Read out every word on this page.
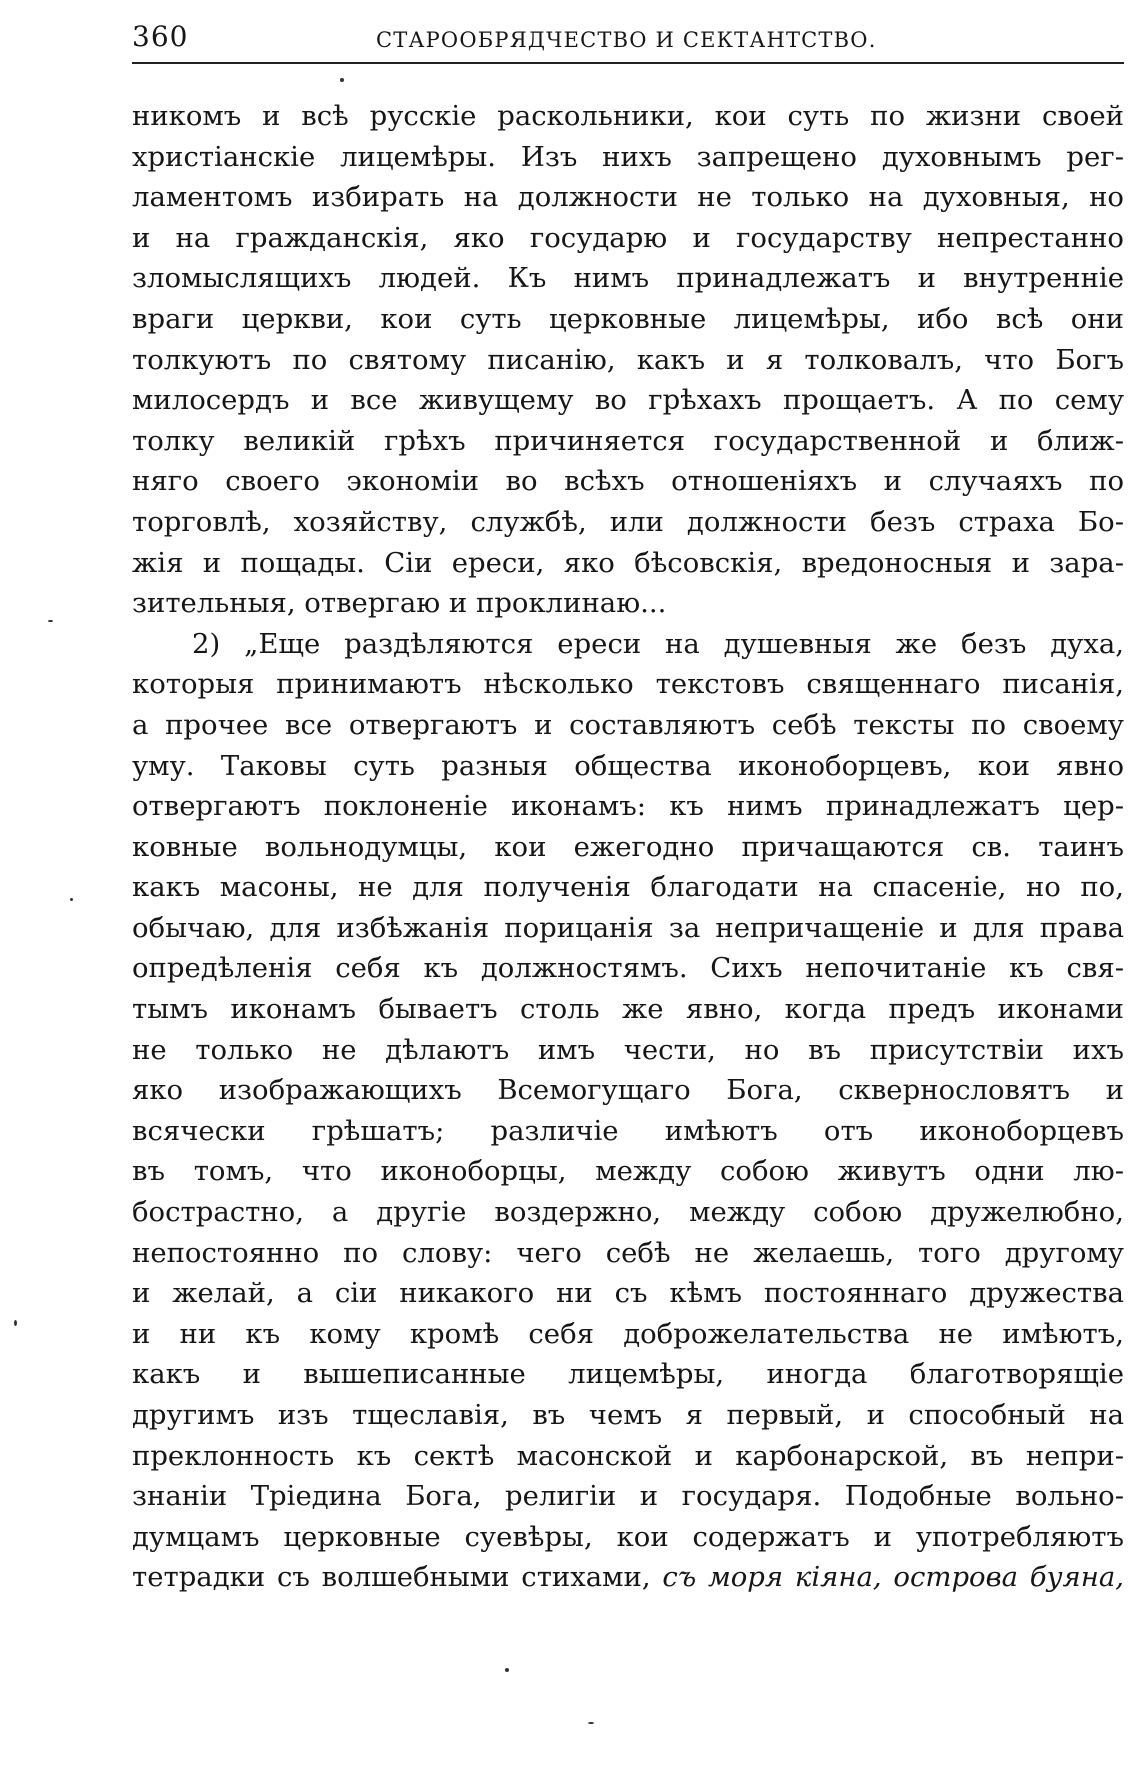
360	СТАРООБРЯДЧЕСТВО И СЕКТАНТСТВО.
никомъ и всѣ русскіе раскольники, кои суть по жизни своей
христіанскіе лицемѣры. Изъ нихъ запрещено духовнымъ рег-
ламентомъ избирать на должности не только на духовныя, но
и на гражданскія, яко государю и государству непрестанно
зломыслящихъ людей. Къ нимъ принадлежатъ и внутренніе
враги церкви, кои суть церковные лицемѣры, ибо всѣ они
толкуютъ по святому писанію, какъ и я толковалъ, что Богъ
милосердъ и все живущему во грѣхахъ прощаетъ. А по сему
толку великій грѣхъ причиняется государственной и ближ-
няго своего экономіи во всѣхъ отношеніяхъ и случаяхъ по
торговлѣ, хозяйству, службѣ, или должности безъ страха Бо-
жія и пощады. Сіи ереси, яко бѣсовскія, вредоносныя и зара-
зительныя, отвергаю и проклинаю...
2) „Еще раздѣляются ереси на душевныя же безъ духа,
которыя принимаютъ нѣсколько текстовъ священнаго писанія,
а прочее все отвергаютъ и составляютъ себѣ тексты по своему
уму. Таковы суть разныя общества иконоборцевъ, кои явно
отвергаютъ поклоненіе иконамъ: къ нимъ принадлежатъ цер-
ковные вольнодумцы, кои ежегодно причащаются св. таинъ
какъ масоны, не для полученія благодати на спасеніе, но по,
обычаю, для избѣжанія порицанія за непричащеніе и для права
опредѣленія себя къ должностямъ. Сихъ непочитаніе къ свя-
тымъ иконамъ бываетъ столь же явно, когда предъ иконами
не только не дѣлаютъ имъ чести, но въ присутствіи ихъ
яко изображающихъ Всемогущаго Бога, сквернословятъ и
всячески грѣшатъ; различіе имѣютъ отъ иконоборцевъ
въ томъ, что иконоборцы, между собою живутъ одни лю-
бострастно, а другіе воздержно, между собою дружелюбно,
непостоянно по слову: чего себѣ не желаешь, того другому
и желай, а сіи никакого ни съ кѣмъ постояннаго дружества
и ни къ кому кромѣ себя доброжелательства не имѣютъ,
какъ и вышеписанные лицемѣры, иногда благотворящіе
другимъ изъ тщеславія, въ чемъ я первый, и способный на
преклонность къ сектѣ масонской и карбонарской, въ непри-
знаніи Тріедина Бога, религіи и государя. Подобные вольно-
думцамъ церковные суевѣры, кои содержатъ и употребляютъ
тетрадки съ волшебными стихами, съ моря кіяна, острова буяна,
